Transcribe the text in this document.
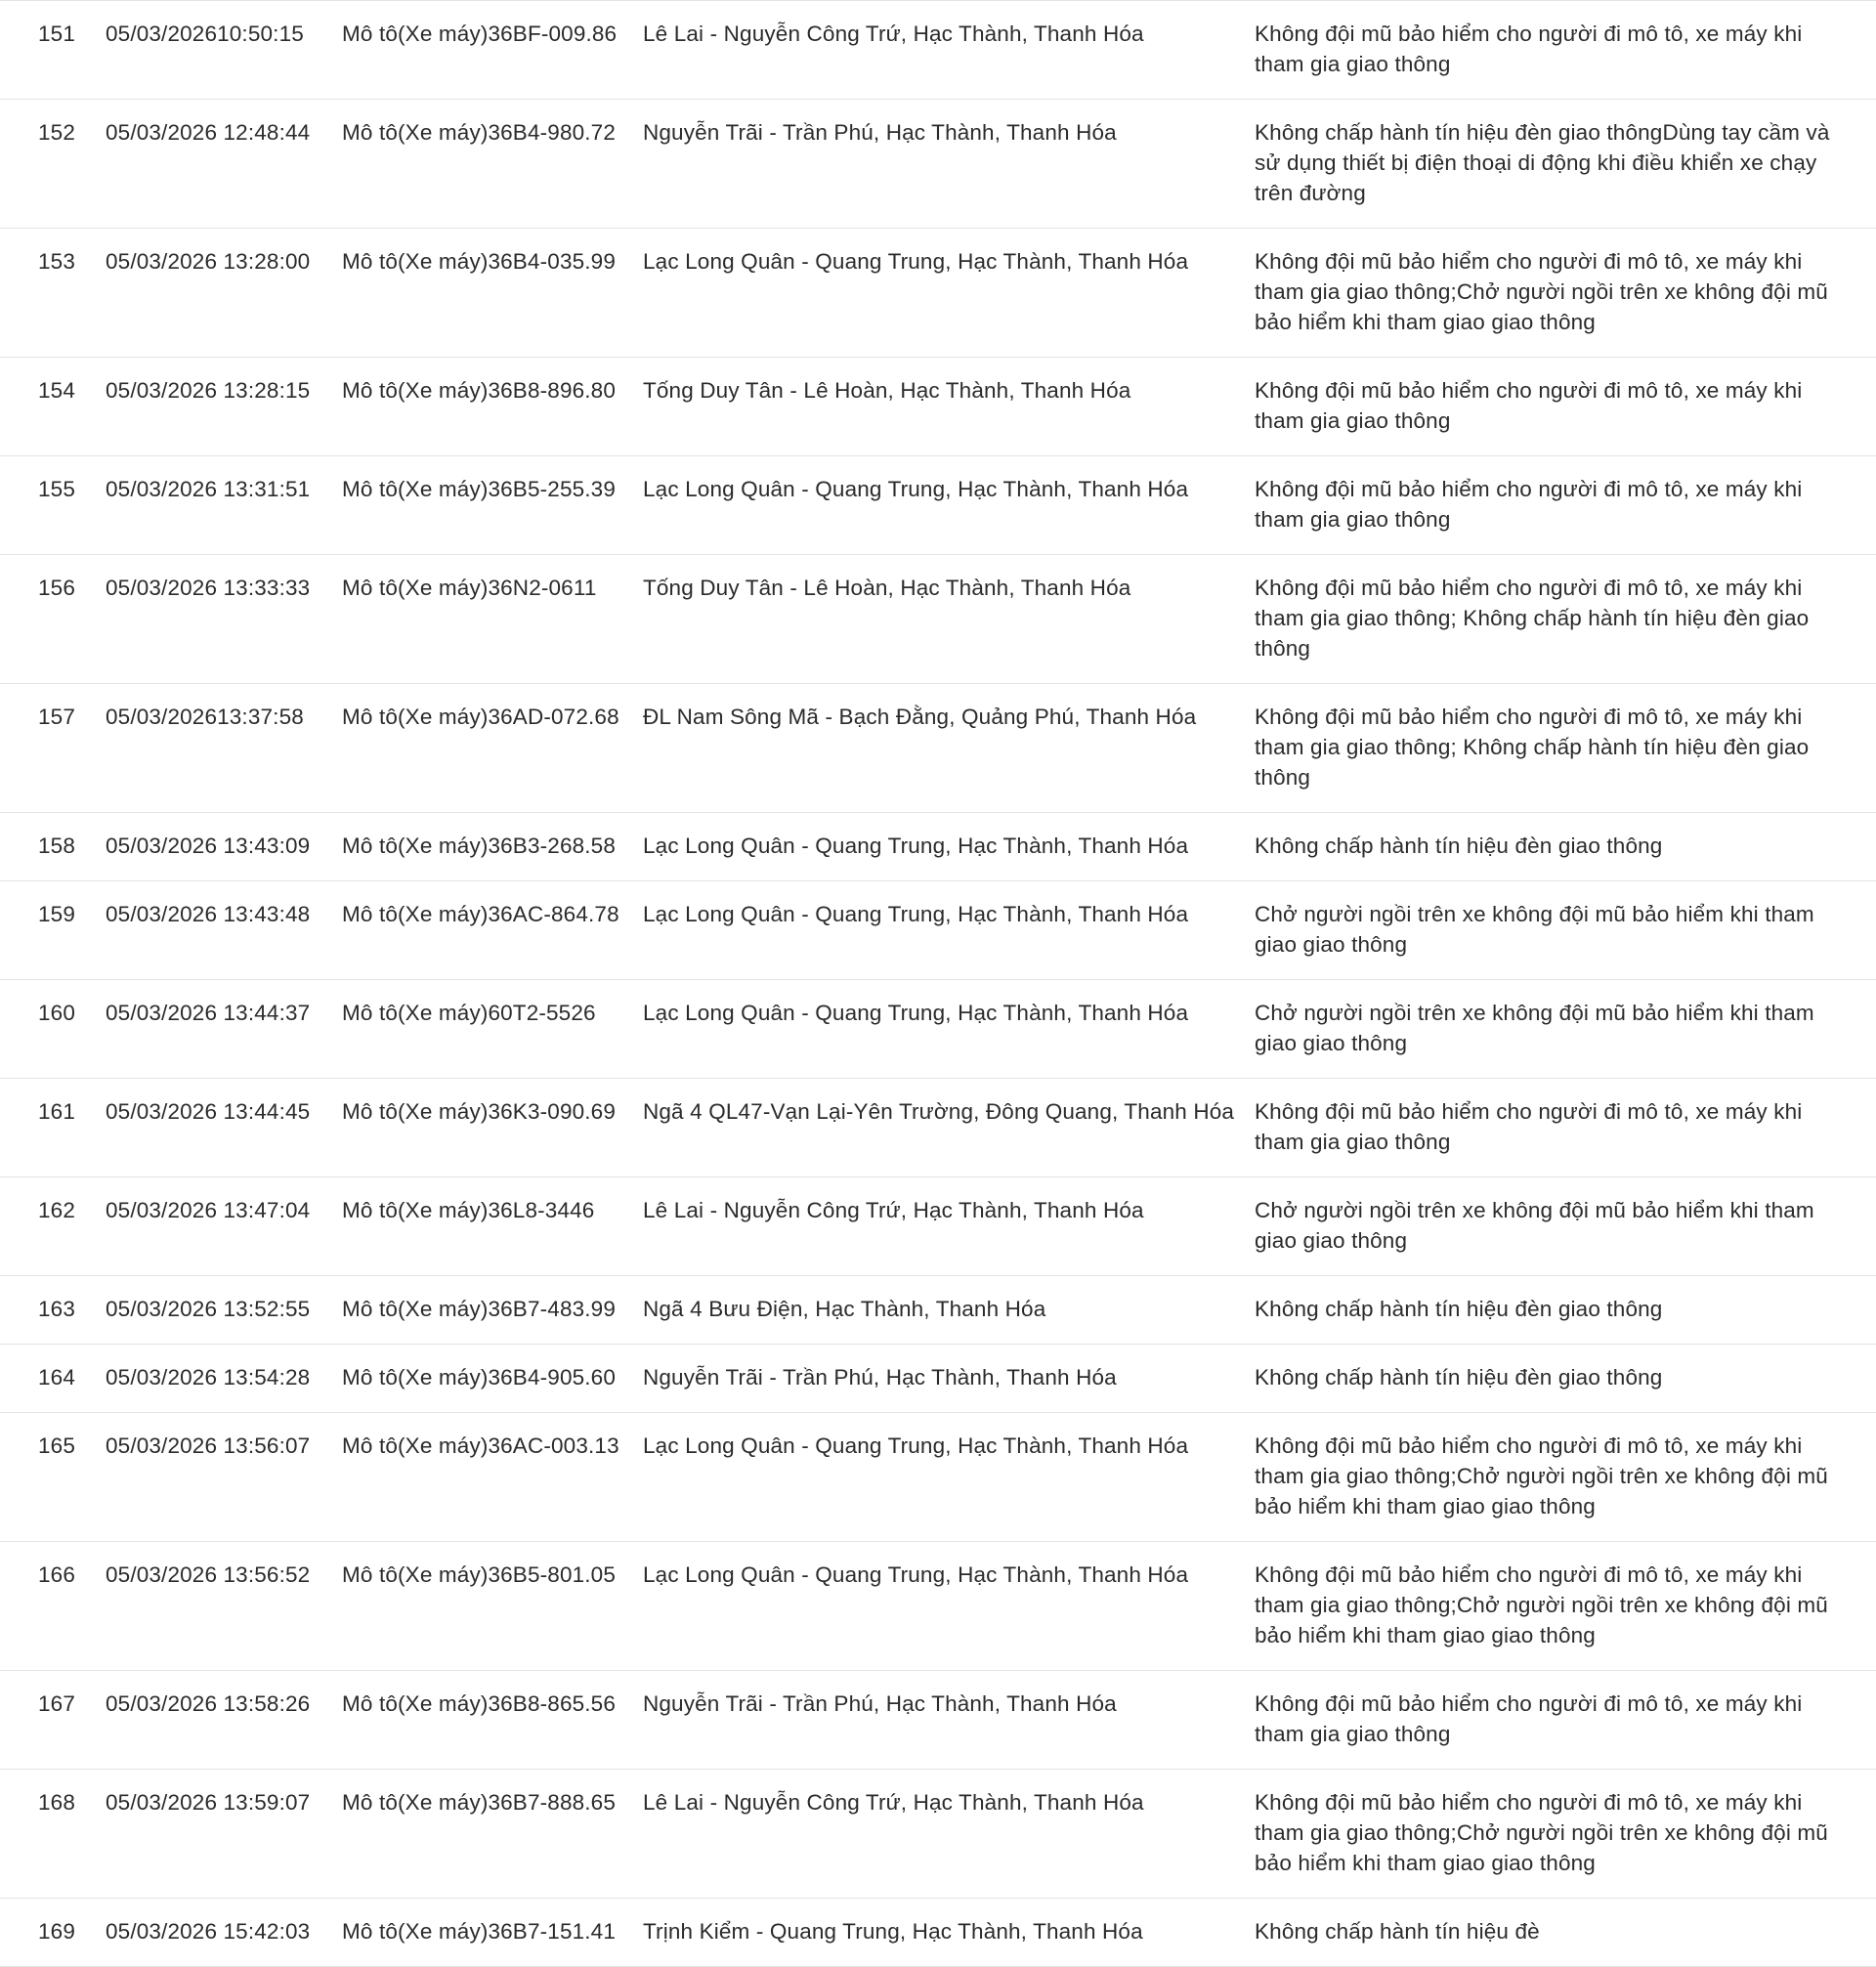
151	05/03/202610:50:15	Mô tô(Xe máy)36BF-009.86	Lê Lai - Nguyễn Công Trứ, Hạc Thành, Thanh Hóa	Không đội mũ bảo hiểm cho người đi mô tô, xe máy khi tham gia giao thông
152	05/03/2026 12:48:44	Mô tô(Xe máy)36B4-980.72	Nguyễn Trãi - Trần Phú, Hạc Thành, Thanh Hóa	Không chấp hành tín hiệu đèn giao thôngDùng tay cầm và sử dụng thiết bị điện thoại di động khi điều khiển xe chạy trên đường
153	05/03/2026 13:28:00	Mô tô(Xe máy)36B4-035.99	Lạc Long Quân - Quang Trung, Hạc Thành, Thanh Hóa	Không đội mũ bảo hiểm cho người đi mô tô, xe máy khi tham gia giao thông;Chở người ngồi trên xe không đội mũ bảo hiểm khi tham giao giao thông
154	05/03/2026 13:28:15	Mô tô(Xe máy)36B8-896.80	Tống Duy Tân - Lê Hoàn, Hạc Thành, Thanh Hóa	Không đội mũ bảo hiểm cho người đi mô tô, xe máy khi tham gia giao thông
155	05/03/2026 13:31:51	Mô tô(Xe máy)36B5-255.39	Lạc Long Quân - Quang Trung, Hạc Thành, Thanh Hóa	Không đội mũ bảo hiểm cho người đi mô tô, xe máy khi tham gia giao thông
156	05/03/2026 13:33:33	Mô tô(Xe máy)36N2-0611	Tống Duy Tân - Lê Hoàn, Hạc Thành, Thanh Hóa	Không đội mũ bảo hiểm cho người đi mô tô, xe máy khi tham gia giao thông; Không chấp hành tín hiệu đèn giao thông
157	05/03/202613:37:58	Mô tô(Xe máy)36AD-072.68	ĐL Nam Sông Mã - Bạch Đằng, Quảng Phú, Thanh Hóa	Không đội mũ bảo hiểm cho người đi mô tô, xe máy khi tham gia giao thông; Không chấp hành tín hiệu đèn giao thông
158	05/03/2026 13:43:09	Mô tô(Xe máy)36B3-268.58	Lạc Long Quân - Quang Trung, Hạc Thành, Thanh Hóa	Không chấp hành tín hiệu đèn giao thông
159	05/03/2026 13:43:48	Mô tô(Xe máy)36AC-864.78	Lạc Long Quân - Quang Trung, Hạc Thành, Thanh Hóa	Chở người ngồi trên xe không đội mũ bảo hiểm khi tham giao giao thông
160	05/03/2026 13:44:37	Mô tô(Xe máy)60T2-5526	Lạc Long Quân - Quang Trung, Hạc Thành, Thanh Hóa	Chở người ngồi trên xe không đội mũ bảo hiểm khi tham giao giao thông
161	05/03/2026 13:44:45	Mô tô(Xe máy)36K3-090.69	Ngã 4 QL47-Vạn Lại-Yên Trường, Đông Quang, Thanh Hóa	Không đội mũ bảo hiểm cho người đi mô tô, xe máy khi tham gia giao thông
162	05/03/2026 13:47:04	Mô tô(Xe máy)36L8-3446	Lê Lai - Nguyễn Công Trứ, Hạc Thành, Thanh Hóa	Chở người ngồi trên xe không đội mũ bảo hiểm khi tham giao giao thông
163	05/03/2026 13:52:55	Mô tô(Xe máy)36B7-483.99	Ngã 4 Bưu Điện, Hạc Thành, Thanh Hóa	Không chấp hành tín hiệu đèn giao thông
164	05/03/2026 13:54:28	Mô tô(Xe máy)36B4-905.60	Nguyễn Trãi - Trần Phú, Hạc Thành, Thanh Hóa	Không chấp hành tín hiệu đèn giao thông
165	05/03/2026 13:56:07	Mô tô(Xe máy)36AC-003.13	Lạc Long Quân - Quang Trung, Hạc Thành, Thanh Hóa	Không đội mũ bảo hiểm cho người đi mô tô, xe máy khi tham gia giao thông;Chở người ngồi trên xe không đội mũ bảo hiểm khi tham giao giao thông
166	05/03/2026 13:56:52	Mô tô(Xe máy)36B5-801.05	Lạc Long Quân - Quang Trung, Hạc Thành, Thanh Hóa	Không đội mũ bảo hiểm cho người đi mô tô, xe máy khi tham gia giao thông;Chở người ngồi trên xe không đội mũ bảo hiểm khi tham giao giao thông
167	05/03/2026 13:58:26	Mô tô(Xe máy)36B8-865.56	Nguyễn Trãi - Trần Phú, Hạc Thành, Thanh Hóa	Không đội mũ bảo hiểm cho người đi mô tô, xe máy khi tham gia giao thông
168	05/03/2026 13:59:07	Mô tô(Xe máy)36B7-888.65	Lê Lai - Nguyễn Công Trứ, Hạc Thành, Thanh Hóa	Không đội mũ bảo hiểm cho người đi mô tô, xe máy khi tham gia giao thông;Chở người ngồi trên xe không đội mũ bảo hiểm khi tham giao giao thông
169	05/03/2026 15:42:03	Mô tô(Xe máy)36B7-151.41	Trịnh Kiểm - Quang Trung, Hạc Thành, Thanh Hóa	Không chấp hành tín hiệu đè
